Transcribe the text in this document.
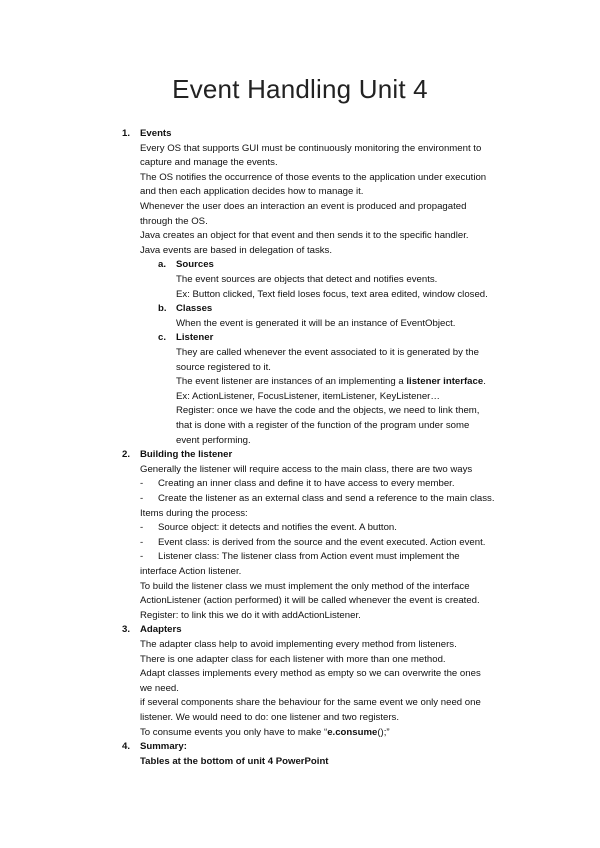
Event Handling Unit 4
1. Events
Every OS that supports GUI must be continuously monitoring the environment to
capture and manage the events.
The OS notifies the occurrence of those events to the application under execution
and then each application decides how to manage it.
Whenever the user does an interaction an event is produced and propagated
through the OS.
Java creates an object for that event and then sends it to the specific handler.
Java events are based in delegation of tasks.
a. Sources
The event sources are objects that detect and notifies events.
Ex: Button clicked, Text field loses focus, text area edited, window closed.
b. Classes
When the event is generated it will be an instance of EventObject.
c. Listener
They are called whenever the event associated to it is generated by the
source registered to it.
The event listener are instances of an implementing a listener interface.
Ex: ActionListener, FocusListener, itemListener, KeyListener…
Register: once we have the code and the objects, we need to link them,
that is done with a register of the function of the program under some
event performing.
2. Building the listener
Generally the listener will require access to the main class, there are two ways
- Creating an inner class and define it to have access to every member.
- Create the listener as an external class and send a reference to the main class.
Items during the process:
- Source object: it detects and notifies the event. A button.
- Event class: is derived from the source and the event executed. Action event.
- Listener class: The listener class from Action event must implement the
interface Action listener.
To build the listener class we must implement the only method of the interface
ActionListener (action performed) it will be called whenever the event is created.
Register: to link this we do it with addActionListener.
3. Adapters
The adapter class help to avoid implementing every method from listeners.
There is one adapter class for each listener with more than one method.
Adapt classes implements every method as empty so we can overwrite the ones
we need.
if several components share the behaviour for the same event we only need one
listener. We would need to do: one listener and two registers.
To consume events you only have to make “e.consume();”
4. Summary:
Tables at the bottom of unit 4 PowerPoint
